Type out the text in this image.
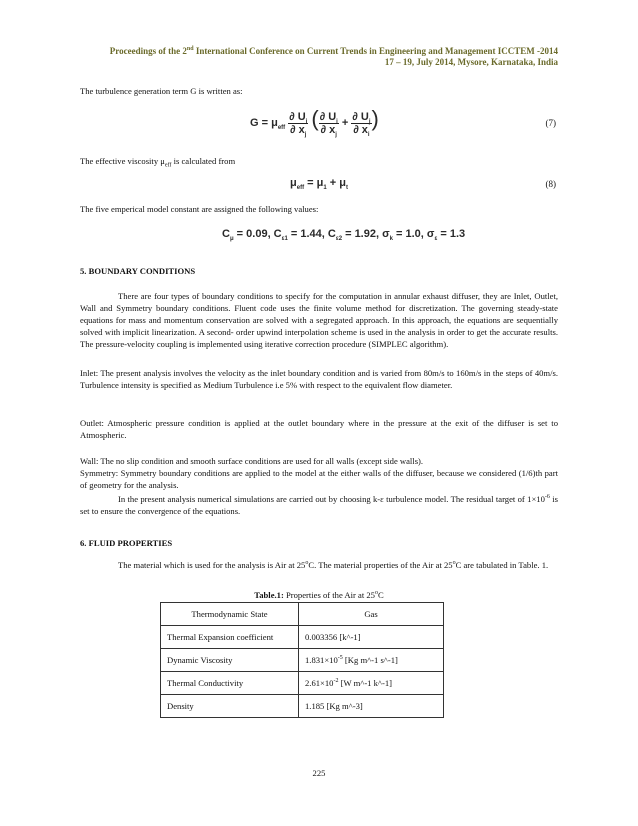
Proceedings of the 2nd International Conference on Current Trends in Engineering and Management ICCTEM -2014
17 – 19, July 2014, Mysore, Karnataka, India
The turbulence generation term G is written as:
$G = \mu_{eff} \frac{\partial U_i}{\partial x_j}$ ( $\frac{\partial U_i}{\partial x_j} + \frac{\partial U_j}{\partial x_i}$ )	(7)
The effective viscosity $\mu_{eff}$ is calculated from
$\mu_{eff} = \mu_1 + \mu_t$	(8)
The five emperical model constant are assigned the following values:
$C_\mu = 0.09$, $C_{\varepsilon 1} = 1.44$, $C_{\varepsilon 2} = 1.92$, $\sigma_k = 1.0$, $\sigma_\varepsilon = 1.3$
5. BOUNDARY CONDITIONS
There are four types of boundary conditions to specify for the computation in annular exhaust diffuser, they are Inlet, Outlet, Wall and Symmetry boundary conditions. Fluent code uses the finite volume method for discretization. The governing steady-state equations for mass and momentum conservation are solved with a segregated approach. In this approach, the equations are sequentially solved with implicit linearization. A second- order upwind interpolation scheme is used in the analysis in order to get the accurate results. The pressure-velocity coupling is implemented using iterative correction procedure (SIMPLEC algorithm).
Inlet: The present analysis involves the velocity as the inlet boundary condition and is varied from 80m/s to 160m/s in the steps of 40m/s. Turbulence intensity is specified as Medium Turbulence i.e 5% with respect to the equivalent flow diameter.
Outlet: Atmospheric pressure condition is applied at the outlet boundary where in the pressure at the exit of the diffuser is set to Atmospheric.
Wall: The no slip condition and smooth surface conditions are used for all walls (except side walls).
Symmetry: Symmetry boundary conditions are applied to the model at the either walls of the diffuser, because we considered (1/6)th part of geometry for the analysis.
In the present analysis numerical simulations are carried out by choosing k-ε turbulence model. The residual target of $1\times 10^{-6}$ is set to ensure the convergence of the equations.
6. FLUID PROPERTIES
The material which is used for the analysis is Air at 25$^o$C. The material properties of the Air at 25$^o$C are tabulated in Table. 1.
Table.1: Properties of the Air at 25$^o$C
Thermodynamic State	Gas
Thermal Expansion coefficient	0.003356 [k^-1]
Dynamic Viscosity	$1.831\times 10^{-5}$ [Kg m^-1 s^-1]
Thermal Conductivity	$2.61\times 10^{-2}$ [W m^-1 k^-1]
Density	1.185 [Kg m^-3]
225
